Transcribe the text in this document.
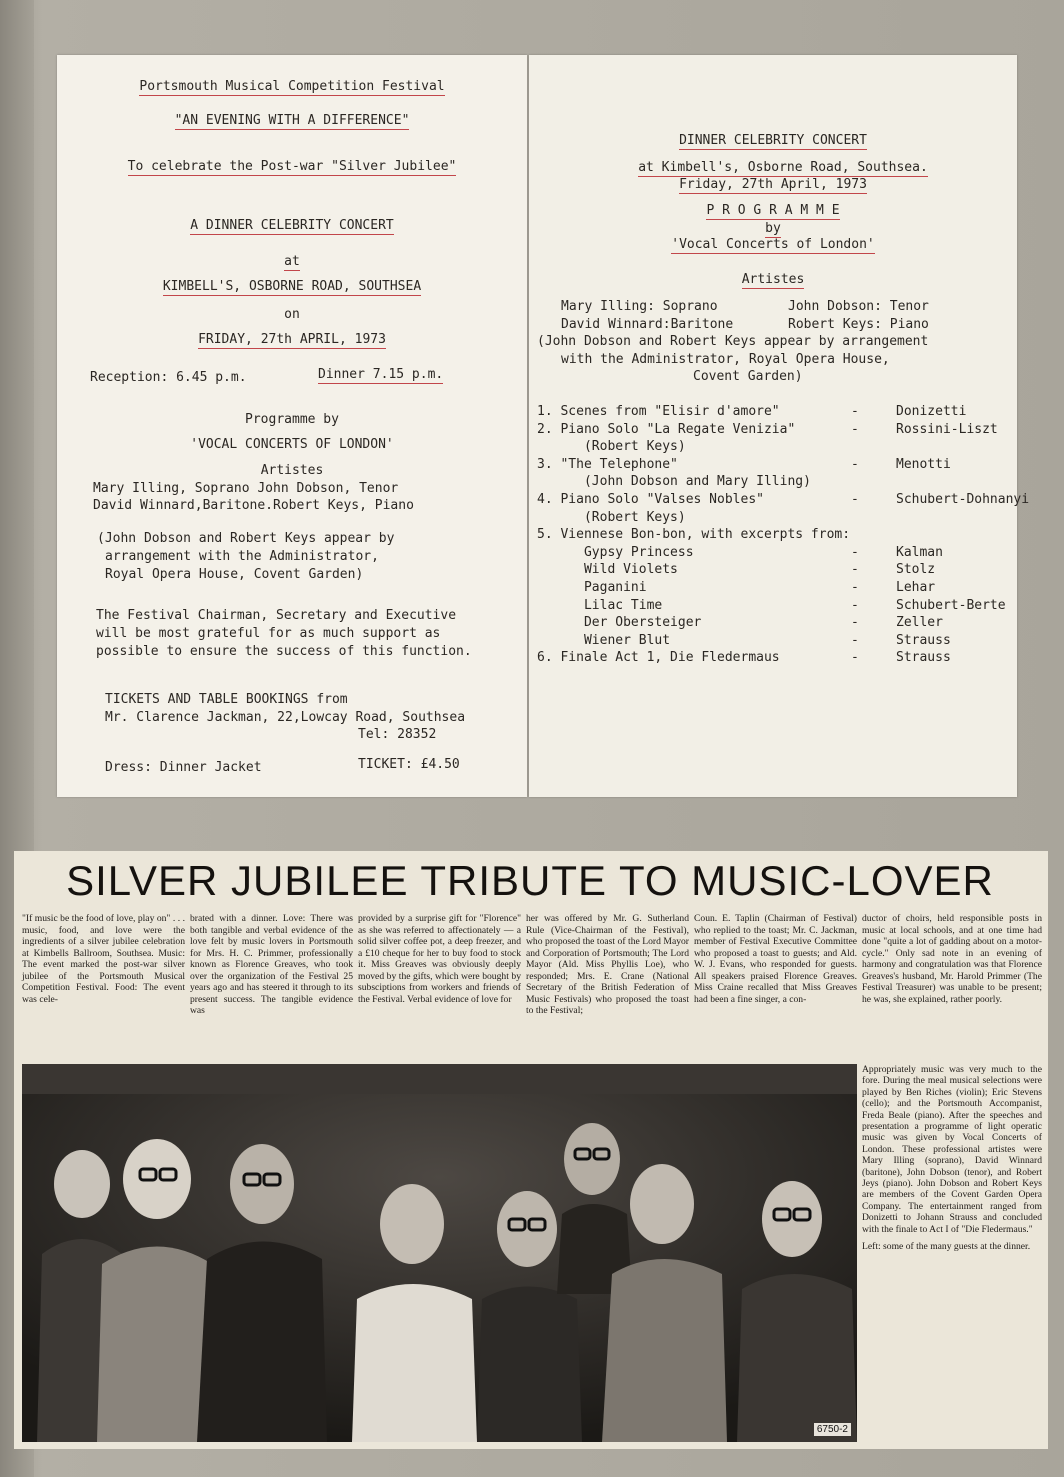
Portsmouth Musical Competition Festival
"AN EVENING WITH A DIFFERENCE"
To celebrate the Post-war "Silver Jubilee"
A DINNER CELEBRITY CONCERT
at
KIMBELL'S, OSBORNE ROAD, SOUTHSEA
on
FRIDAY, 27th APRIL, 1973
Reception: 6.45 p.m.	Dinner 7.15 p.m.
Programme by
'VOCAL CONCERTS OF LONDON'
Artistes
Mary Illing, Soprano John Dobson, Tenor
David Winnard,Baritone.Robert Keys, Piano
(John Dobson and Robert Keys appear by
arrangement with the Administrator,
Royal Opera House, Covent Garden)
The Festival Chairman, Secretary and Executive
will be most grateful for as much support as
possible to ensure the success of this function.
TICKETS AND TABLE BOOKINGS from
Mr. Clarence Jackman, 22,Lowcay Road, Southsea
Tel: 28352
Dress: Dinner Jacket	TICKET: £4.50
DINNER CELEBRITY CONCERT
at Kimbell's, Osborne Road, Southsea.
Friday, 27th April, 1973
P R O G R A M M E
by
'Vocal Concerts of London'
Artistes
Mary Illing: Soprano	John Dobson: Tenor
David Winnard:Baritone	Robert Keys: Piano
(John Dobson and Robert Keys appear by arrangement
with the Administrator, Royal Opera House,
Covent Garden)
1. Scenes from "Elisir d'amore"	-	Donizetti
2. Piano Solo "La Regate Venizia"	-	Rossini-Liszt
(Robert Keys)
3. "The Telephone"	-	Menotti
(John Dobson and Mary Illing)
4. Piano Solo "Valses Nobles"	-	Schubert-Dohnanyi
(Robert Keys)
5. Viennese Bon-bon, with excerpts from:
Gypsy Princess	-	Kalman
Wild Violets	-	Stolz
Paganini	-	Lehar
Lilac Time	-	Schubert-Berte
Der Obersteiger	-	Zeller
Wiener Blut	-	Strauss
6. Finale Act 1, Die Fledermaus	-	Strauss
SILVER JUBILEE TRIBUTE TO MUSIC-LOVER

"If music be the food of love, play on" . . . music, food, and love were the ingredients of a silver jubilee celebration at Kimbells Ballroom, Southsea. Music: The event marked the post-war silver jubilee of the Portsmouth Musical Competition Festival. Food: The event was cele-

brated with a dinner. Love: There was both tangible and verbal evidence of the love felt by music lovers in Portsmouth for Mrs. H. C. Primmer, professionally known as Florence Greaves, who took over the organization of the Festival 25 years ago and has steered it through to its present success. The tangible evidence was

provided by a surprise gift for "Florence" as she was referred to affectionately — a solid silver coffee pot, a deep freezer, and a £10 cheque for her to buy food to stock it. Miss Greaves was obviously deeply moved by the gifts, which were bought by subsciptions from workers and friends of the Festival. Verbal evidence of love for

her was offered by Mr. G. Sutherland Rule (Vice-Chairman of the Festival), who proposed the toast of the Lord Mayor and Corporation of Portsmouth; The Lord Mayor (Ald. Miss Phyllis Loe), who responded; Mrs. E. Crane (National Secretary of the British Federation of Music Festivals) who proposed the toast to the Festival;

Coun. E. Taplin (Chairman of Festival) who replied to the toast; Mr. C. Jackman, member of Festival Executive Committee who proposed a toast to guests; and Ald. W. J. Evans, who responded for guests. All speakers praised Florence Greaves. Miss Craine recalled that Miss Greaves had been a fine singer, a con-

ductor of choirs, held responsible posts in music at local schools, and at one time had done "quite a lot of gadding about on a motor-cycle." Only sad note in an evening of harmony and congratulation was that Florence Greaves's husband, Mr. Harold Primmer (The Festival Treasurer) was unable to be present; he was, she explained, rather poorly.

6750-2

Appropriately music was very much to the fore. During the meal musical selections were played by Ben Riches (violin); Eric Stevens (cello); and the Portsmouth Accompanist, Freda Beale (piano). After the speeches and presentation a programme of light operatic music was given by Vocal Concerts of London. These professional artistes were Mary Illing (soprano), David Winnard (baritone), John Dobson (tenor), and Robert Jeys (piano). John Dobson and Robert Keys are members of the Covent Garden Opera Company. The entertainment ranged from Donizetti to Johann Strauss and concluded with the finale to Act I of "Die Fledermaus."

Left: some of the many guests at the dinner.
